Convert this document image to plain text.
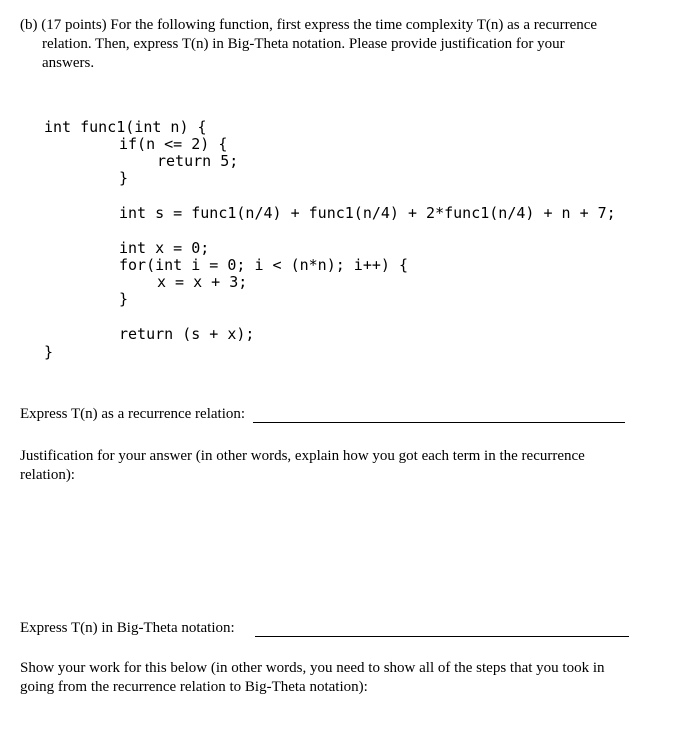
(b) (17 points) For the following function, first express the time complexity T(n) as a recurrence
relation. Then, express T(n) in Big-Theta notation. Please provide justification for your
answers.
int func1(int n) {
if(n <= 2) {
return 5;
}
int s = func1(n/4) + func1(n/4) + 2*func1(n/4) + n + 7;
int x = 0;
for(int i = 0; i < (n*n); i++) {
x = x + 3;
}
return (s + x);
}
Express T(n) as a recurrence relation:
Justification for your answer (in other words, explain how you got each term in the recurrence
relation):
Express T(n) in Big-Theta notation:
Show your work for this below (in other words, you need to show all of the steps that you took in
going from the recurrence relation to Big-Theta notation):
